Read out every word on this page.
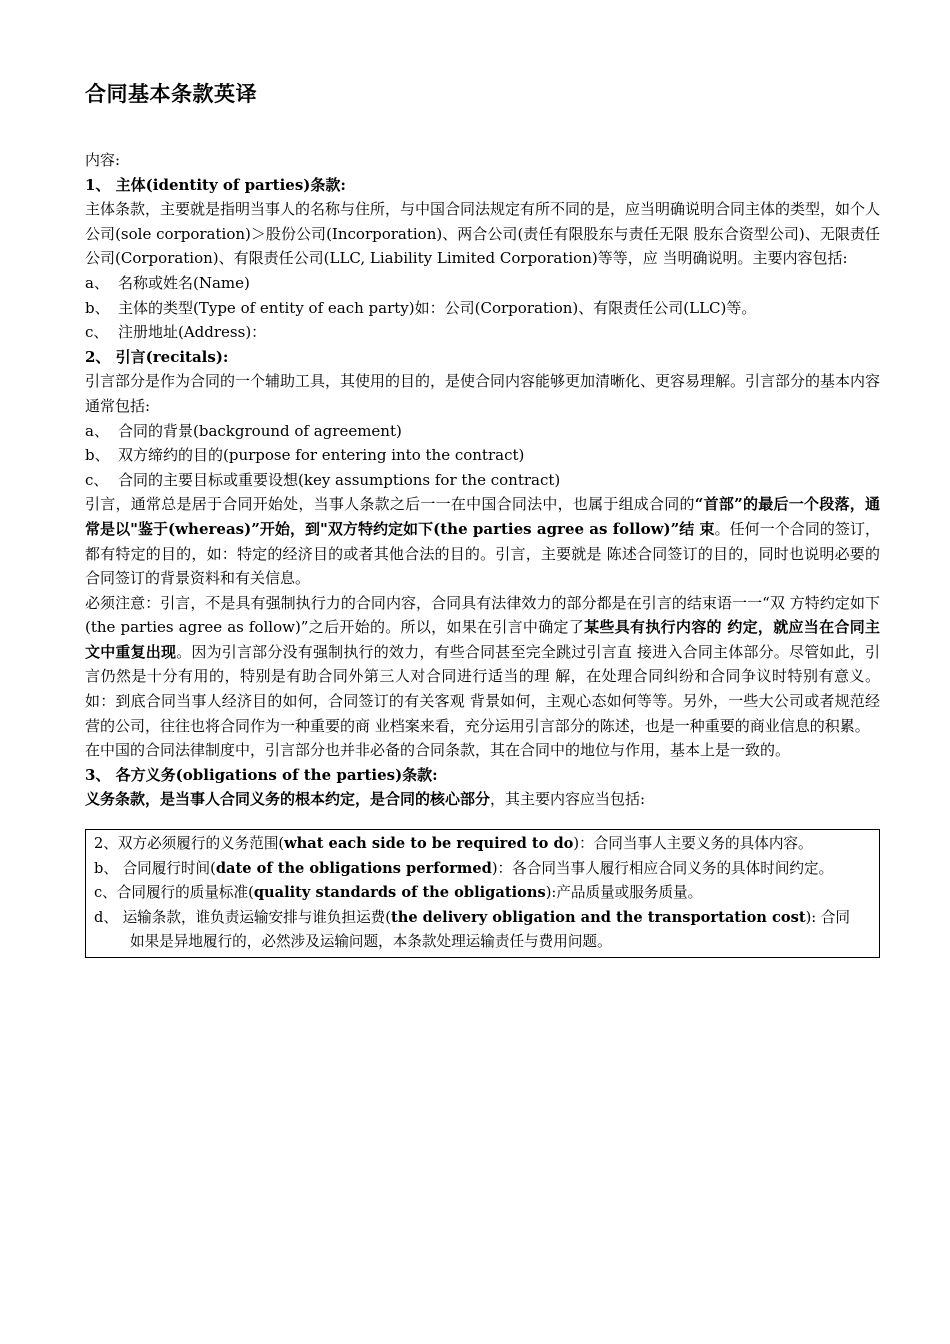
合同基本条款英译

内容:

1、 主体(identity of parties)条款:

主体条款，主要就是指明当事人的名称与住所，与中国合同法规定有所不同的是，应当明确说明合同主体的类型，如个人公司(sole corporation)＞股份公司(Incorporation)、两合公司(责任有限股东与责任无限 股东合资型公司)、无限责任公司(Corporation)、有限责任公司(LLC, Liability Limited Corporation)等等，应 当明确说明。主要内容包括:

a、 名称或姓名(Name)
b、 主体的类型(Type of entity of each party)如：公司(Corporation)、有限责任公司(LLC)等。
c、 注册地址(Address)：

2、 引言(recitals):

引言部分是作为合同的一个辅助工具，其使用的目的，是使合同内容能够更加清晰化、更容易理解。引言部分的基本内容通常包括:

a、 合同的背景(background of agreement)
b、 双方缔约的目的(purpose for entering into the contract)
c、 合同的主要目标或重要设想(key assumptions for the contract)

引言，通常总是居于合同开始处，当事人条款之后一一在中国合同法中，也属于组成合同的“首部”的最后一个段落，通常是以"鉴于(whereas)”开始，到"双方特约定如下(the parties agree as follow)”结 束。任何一个合同的签订，都有特定的目的，如：特定的经济目的或者其他合法的目的。引言，主要就是 陈述合同签订的目的，同时也说明必要的合同签订的背景资料和有关信息。

必须注意：引言，不是具有强制执行力的合同内容，合同具有法律效力的部分都是在引言的结束语一一“双 方特约定如下(the parties agree as follow)”之后开始的。所以，如果在引言中确定了某些具有执行内容的 约定，就应当在合同主文中重复出现。因为引言部分没有强制执行的效力，有些合同甚至完全跳过引言直 接进入合同主体部分。尽管如此，引言仍然是十分有用的，特别是有助合同外第三人对合同进行适当的理 解，在处理合同纠纷和合同争议时特别有意义。如：到底合同当事人经济目的如何，合同签订的有关客观 背景如何，主观心态如何等等。另外，一些大公司或者规范经营的公司，往往也将合同作为一种重要的商 业档案来看，充分运用引言部分的陈述，也是一种重要的商业信息的积累。

在中国的合同法律制度中，引言部分也并非必备的合同条款，其在合同中的地位与作用，基本上是一致的。

3、 各方义务(obligations of the parties)条款:

义务条款，是当事人合同义务的根本约定，是合同的核心部分，其主要内容应当包括:

2、双方必须履行的义务范围(what each side to be required to do)：合同当事人主要义务的具体内容。

b、 合同履行时间(date of the obligations performed)：各合同当事人履行相应合同义务的具体时间约定。

c、合同履行的质量标准(quality standards of the obligations):产品质量或服务质量。

d、 运输条款，谁负责运输安排与谁负担运费(the delivery obligation and the transportation cost): 合同

如果是异地履行的，必然涉及运输问题，本条款处理运输责任与费用问题。
